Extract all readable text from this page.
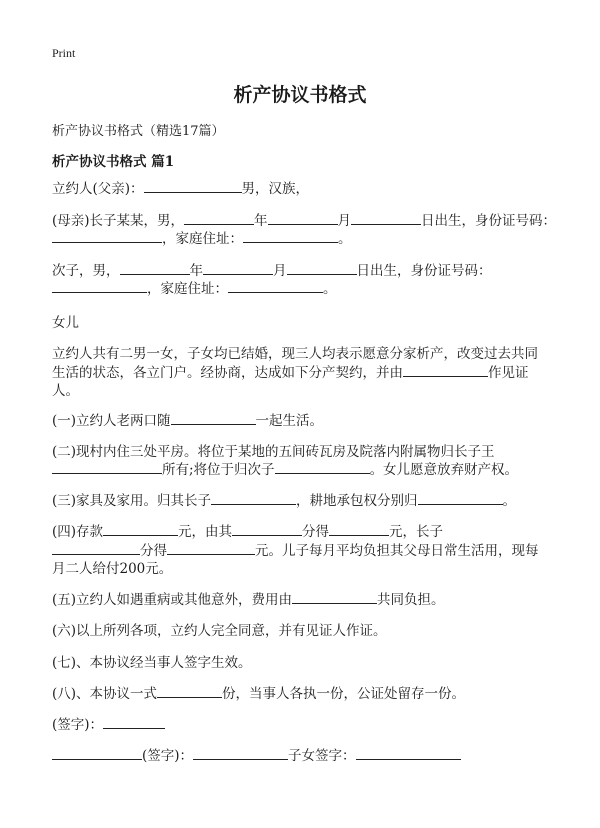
Print
析产协议书格式
析产协议书格式（精选17篇）
析产协议书格式 篇1
立约人(父亲)：	男，汉族，
(母亲)长子某某，男，	年	月	日出生，身份证号码：
，家庭住址：	。
次子，男，	年	月	日出生，身份证号码：
，家庭住址：	。
女儿
立约人共有二男一女，子女均已结婚，现三人均表示愿意分家析产，改变过去共同
生活的状态，各立门户。经协商，达成如下分产契约，并由	作见证
人。
(一)立约人老两口随	一起生活。
(二)现村内住三处平房。将位于某地的五间砖瓦房及院落内附属物归长子王
所有;将位于归次子	。女儿愿意放弃财产权。
(三)家具及家用。归其长子	，耕地承包权分别归	。
(四)存款	元，由其	分得	元，长子
分得	元。儿子每月平均负担其父母日常生活用，现每
月二人给付200元。
(五)立约人如遇重病或其他意外，费用由	共同负担。
(六)以上所列各项，立约人完全同意，并有见证人作证。
(七)、本协议经当事人签字生效。
(八)、本协议一式	份，当事人各执一份，公证处留存一份。
(签字)：
(签字)：	子女签字：
